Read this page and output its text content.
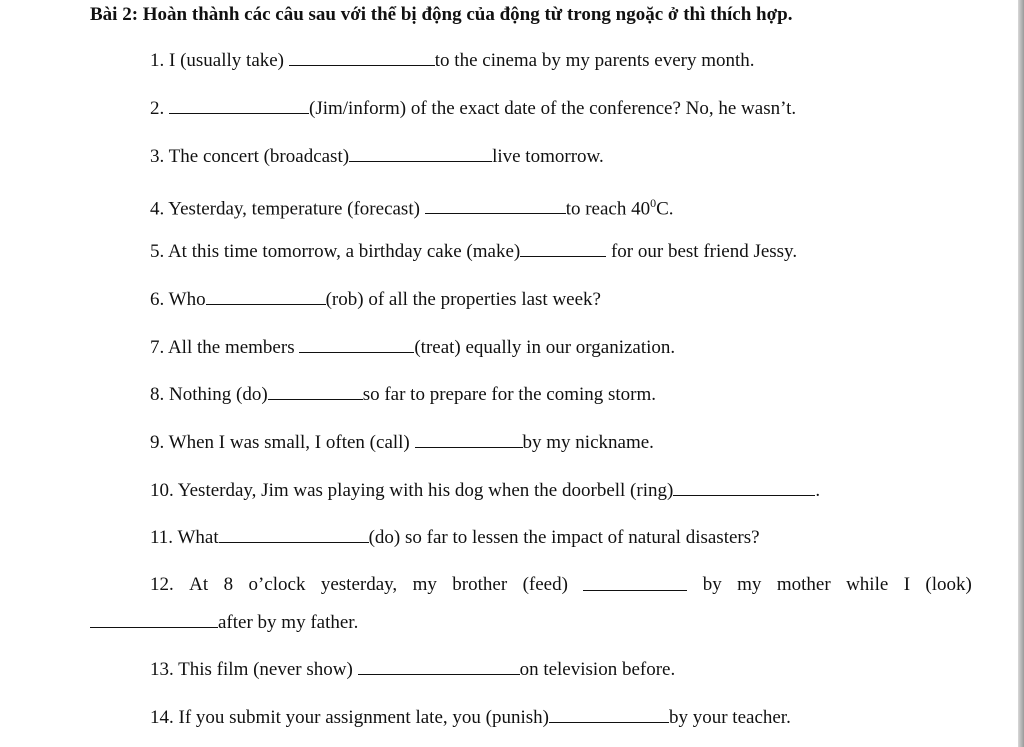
Bài 2: Hoàn thành các câu sau với thể bị động của động từ trong ngoặc ở thì thích hợp.
1. I (usually take)	to the cinema by my parents every month.
2.	(Jim/inform) of the exact date of the conference? No, he wasn’t.
3. The concert (broadcast)	live tomorrow.
4. Yesterday, temperature (forecast)	to reach $40^0C$.
5. At this time tomorrow, a birthday cake (make)	for our best friend Jessy.
6. Who	(rob) of all the properties last week?
7. All the members	(treat) equally in our organization.
8. Nothing (do)	so far to prepare for the coming storm.
9. When I was small, I often (call)	by my nickname.
10. Yesterday, Jim was playing with his dog when the doorbell (ring)	.
11. What	(do) so far to lessen the impact of natural disasters?
12. At 8 o’clock yesterday, my brother (feed)	by my mother while I (look)
after by my father.
13. This film (never show)	on television before.
14. If you submit your assignment late, you (punish)	by your teacher.
